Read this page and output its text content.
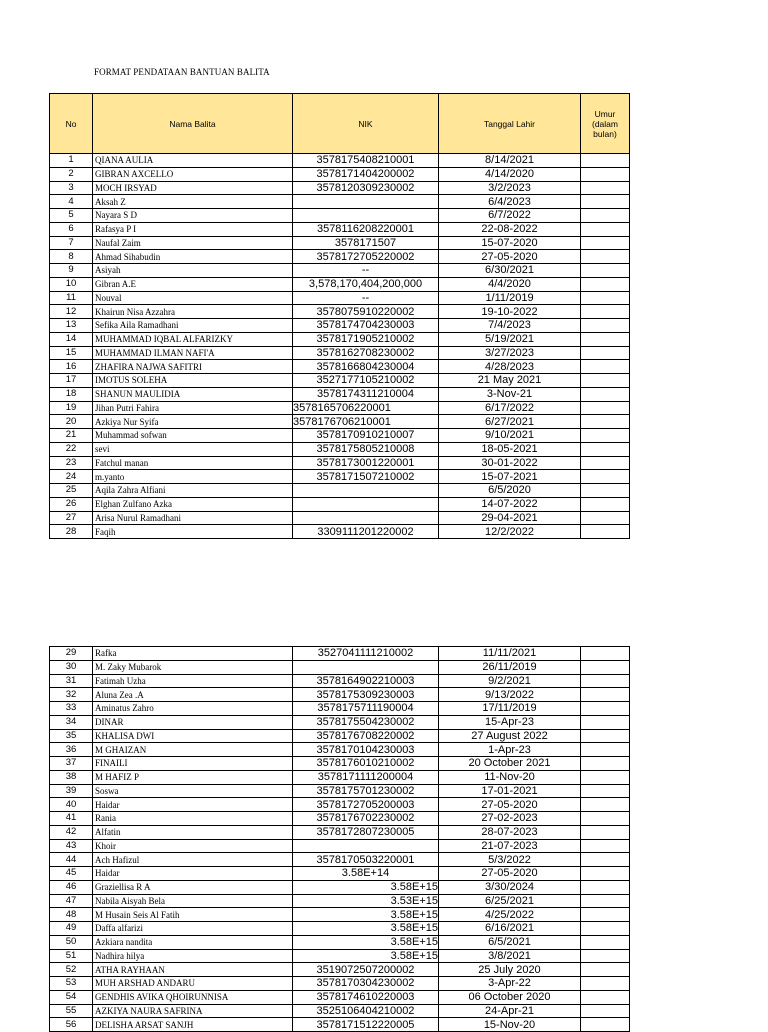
FORMAT PENDATAAN BANTUAN BALITA
No	Nama Balita	NIK	Tanggal Lahir	Umur (dalam bulan)
1	QIANA AULIA	3578175408210001	8/14/2021	
2	GIBRAN AXCELLO	3578171404200002	4/14/2020	
3	MOCH IRSYAD	3578120309230002	3/2/2023	
4	Aksah Z		6/4/2023	
5	Nayara S D		6/7/2022	
6	Rafasya P I	3578116208220001	22-08-2022	
7	Naufal Zaim	3578171507	15-07-2020	
8	Ahmad Sihabudin	3578172705220002	27-05-2020	
9	Asiyah	--	6/30/2021	
10	Gibran A.E	3,578,170,404,200,000	4/4/2020	
11	Nouval	--	1/11/2019	
12	Khairun Nisa Azzahra	3578075910220002	19-10-2022	
13	Sefika Aila Ramadhani	3578174704230003	7/4/2023	
14	MUHAMMAD IQBAL ALFARIZKY	3578171905210002	5/19/2021	
15	MUHAMMAD ILMAN NAFI'A	3578162708230002	3/27/2023	
16	ZHAFIRA NAJWA SAFITRI	3578166804230004	4/28/2023	
17	IMOTUS SOLEHA	3527177105210002	21 May 2021	
18	SHANUN MAULIDIA	3578174311210004	3-Nov-21	
19	Jihan Putri Fahira	3578165706220001	6/17/2022	
20	Azkiya Nur Syifa	3578176706210001	6/27/2021	
21	Muhammad sofwan	3578170910210007	9/10/2021	
22	sevi	3578175805210008	18-05-2021	
23	Fatchul manan	3578173001220001	30-01-2022	
24	m.yanto	3578171507210002	15-07-2021	
25	Aqila Zahra Alfiani		6/5/2020	
26	Elghan Zulfano Azka		14-07-2022	
27	Arisa Nurul Ramadhani		29-04-2021	
28	Faqih	3309111201220002	12/2/2022	
29	Rafka	3527041111210002	11/11/2021	
30	M. Zaky Mubarok		26/11/2019	
31	Fatimah Uzha	3578164902210003	9/2/2021	
32	Aluna Zea .A	3578175309230003	9/13/2022	
33	Aminatus Zahro	3578175711190004	17/11/2019	
34	DINAR	3578175504230002	15-Apr-23	
35	KHALISA DWI	3578176708220002	27 August 2022	
36	M GHAIZAN	3578170104230003	1-Apr-23	
37	FINAILI	3578176010210002	20 October 2021	
38	M HAFIZ P	3578171111200004	11-Nov-20	
39	Soswa	3578175701230002	17-01-2021	
40	Haidar	3578172705200003	27-05-2020	
41	Rania	3578176702230002	27-02-2023	
42	Alfatin	3578172807230005	28-07-2023	
43	Khoir		21-07-2023	
44	Ach Hafizul	3578170503220001	5/3/2022	
45	Haidar	3.58E+14	27-05-2020	
46	Graziellisa R A	3.58E+15	3/30/2024	
47	Nabila Aisyah Bela	3.53E+15	6/25/2021	
48	M Husain Seis Al Fatih	3.58E+15	4/25/2022	
49	Daffa alfarizi	3.58E+15	6/16/2021	
50	Azkiara nandita	3.58E+15	6/5/2021	
51	Nadhira hilya	3.58E+15	3/8/2021	
52	ATHA RAYHAAN	3519072507200002	25 July 2020	
53	MUH ARSHAD ANDARU	3578170304230002	3-Apr-22	
54	GENDHIS AVIKA QHOIRUNNISA	3578174610220003	06 October 2020	
55	AZKIYA NAURA SAFRINA	3525106404210002	24-Apr-21	
56	DELISHA ARSAT SANJH	3578171512220005	15-Nov-20	
